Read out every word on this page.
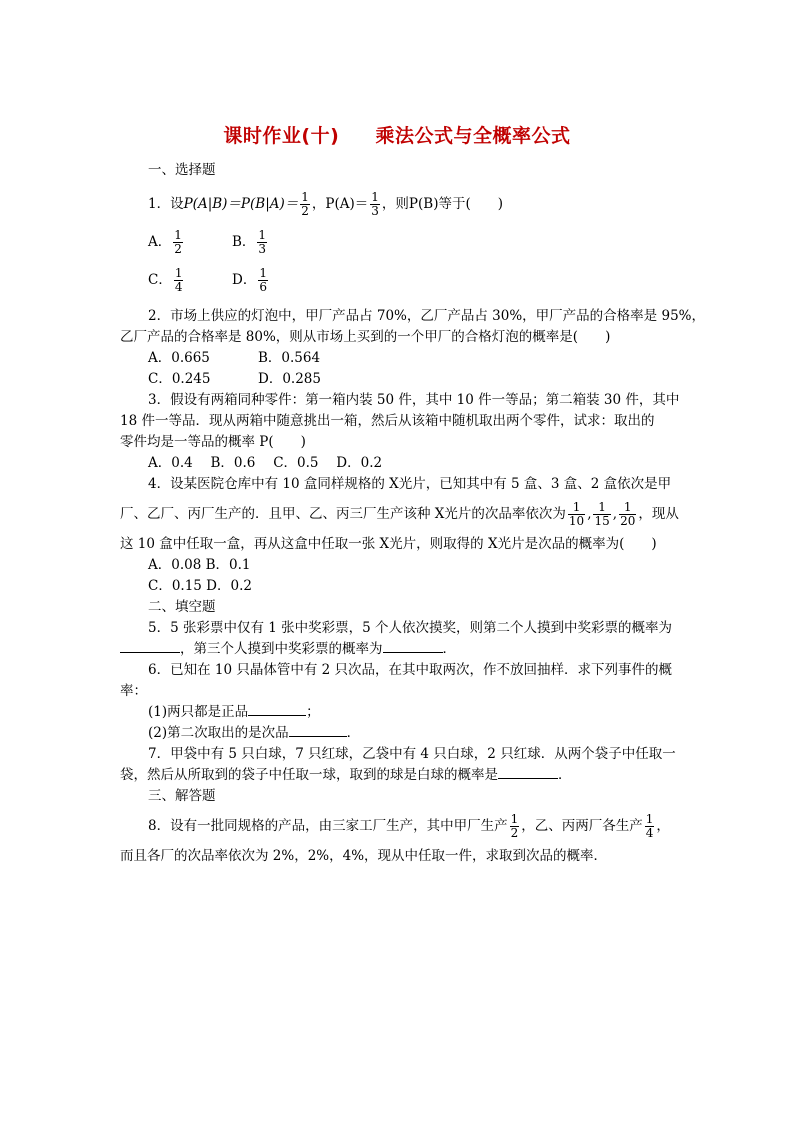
课时作业(十) 乘法公式与全概率公式
一、选择题
1．设$P(A|B)=P(B|A)= \frac{1}{2}$ ，$P(A)= \frac{1}{3}$ ，则P(B)等于(　　)
A． $\frac{1}{2}$	B． $\frac{1}{3}$
C． $\frac{1}{4}$	D． $\frac{1}{6}$
2．市场上供应的灯泡中，甲厂产品占 70%，乙厂产品占 30%，甲厂产品的合格率是 95%，
乙厂产品的合格率是 80%，则从市场上买到的一个甲厂的合格灯泡的概率是(　　)
A．0.665	B．0.564
C．0.245	D．0.285
3．假设有两箱同种零件：第一箱内装 50 件，其中 10 件一等品；第二箱装 30 件，其中
18 件一等品．现从两箱中随意挑出一箱，然后从该箱中随机取出两个零件，试求：取出的
零件均是一等品的概率 P(　　)
A．0.4　 B．0.6　 C．0.5　 D．0.2
4．设某医院仓库中有 10 盒同样规格的 X光片，已知其中有 5 盒、3 盒、2 盒依次是甲
厂、乙厂、丙厂生产的．且甲、乙、丙三厂生产该种 X光片的次品率依次为 $\frac{1}{10}$ , $\frac{1}{15}$ , $\frac{1}{20}$ ，现从
这 10 盒中任取一盒，再从这盒中任取一张 X光片，则取得的 X光片是次品的概率为(　　)
A．0.08 B．0.1
C．0.15 D．0.2
二、填空题
5．5 张彩票中仅有 1 张中奖彩票，5 个人依次摸奖，则第二个人摸到中奖彩票的概率为
，第三个人摸到中奖彩票的概率为	．
6．已知在 10 只晶体管中有 2 只次品，在其中取两次，作不放回抽样．求下列事件的概
率：
(1)两只都是正品	；
(2)第二次取出的是次品	．
7．甲袋中有 5 只白球，7 只红球，乙袋中有 4 只白球，2 只红球．从两个袋子中任取一
袋，然后从所取到的袋子中任取一球，取到的球是白球的概率是	．
三、解答题
8．设有一批同规格的产品，由三家工厂生产，其中甲厂生产 $\frac{1}{2}$ ，乙、丙两厂各生产 $\frac{1}{4}$ ，
而且各厂的次品率依次为 2%，2%，4%，现从中任取一件，求取到次品的概率．
